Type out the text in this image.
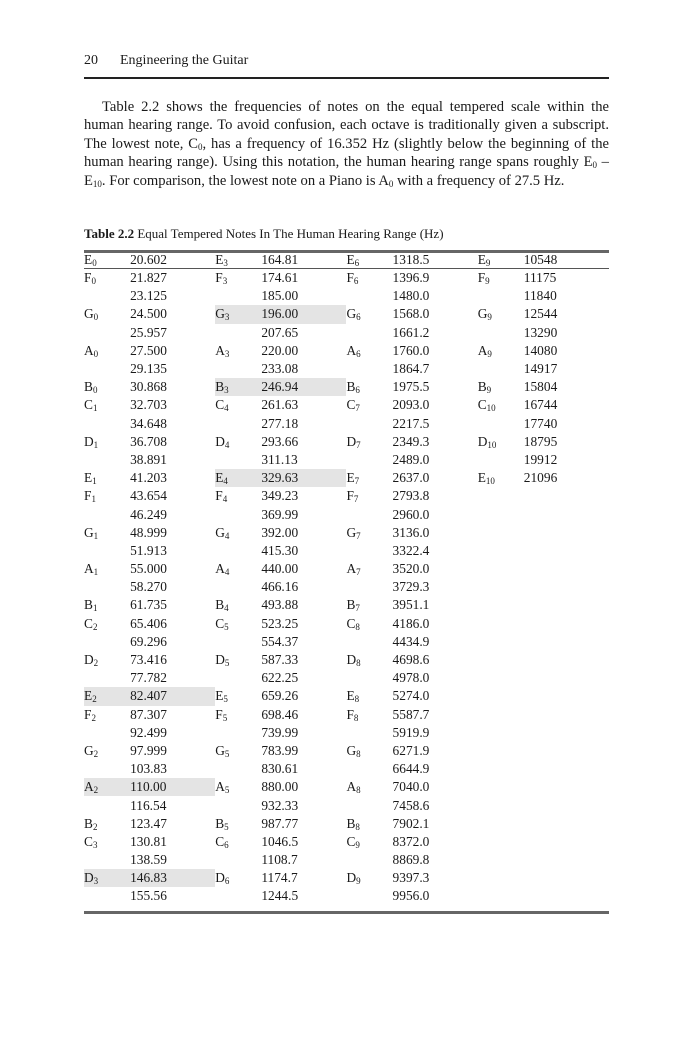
20 Engineering the Guitar
Table 2.2 shows the frequencies of notes on the equal tempered scale within the human hearing range. To avoid confusion, each octave is traditionally given a subscript. The lowest note, $C_0$, has a frequency of 16.352 Hz (slightly below the beginning of the human hearing range). Using this notation, the human hearing range spans roughly $E_0 - E_{10}$. For comparison, the lowest note on a Piano is $A_0$ with a frequency of 27.5 Hz.
Table 2.2 Equal Tempered Notes In The Human Hearing Range (Hz)
$E_0$	20.602	$E_3$	164.81	$E_6$	1318.5	$E_9$	10548
$F_0$	21.827	$F_3$	174.61	$F_6$	1396.9	$F_9$	11175
	23.125		185.00		1480.0		11840
$G_0$	24.500	$G_3$	196.00	$G_6$	1568.0	$G_9$	12544
	25.957		207.65		1661.2		13290
$A_0$	27.500	$A_3$	220.00	$A_6$	1760.0	$A_9$	14080
	29.135		233.08		1864.7		14917
$B_0$	30.868	$B_3$	246.94	$B_6$	1975.5	$B_9$	15804
$C_1$	32.703	$C_4$	261.63	$C_7$	2093.0	$C_{10}$	16744
	34.648		277.18		2217.5		17740
$D_1$	36.708	$D_4$	293.66	$D_7$	2349.3	$D_{10}$	18795
	38.891		311.13		2489.0		19912
$E_1$	41.203	$E_4$	329.63	$E_7$	2637.0	$E_{10}$	21096
$F_1$	43.654	$F_4$	349.23	$F_7$	2793.8		
	46.249		369.99		2960.0		
$G_1$	48.999	$G_4$	392.00	$G_7$	3136.0		
	51.913		415.30		3322.4		
$A_1$	55.000	$A_4$	440.00	$A_7$	3520.0		
	58.270		466.16		3729.3		
$B_1$	61.735	$B_4$	493.88	$B_7$	3951.1		
$C_2$	65.406	$C_5$	523.25	$C_8$	4186.0		
	69.296		554.37		4434.9		
$D_2$	73.416	$D_5$	587.33	$D_8$	4698.6		
	77.782		622.25		4978.0		
$E_2$	82.407	$E_5$	659.26	$E_8$	5274.0		
$F_2$	87.307	$F_5$	698.46	$F_8$	5587.7		
	92.499		739.99		5919.9		
$G_2$	97.999	$G_5$	783.99	$G_8$	6271.9		
	103.83		830.61		6644.9		
$A_2$	110.00	$A_5$	880.00	$A_8$	7040.0		
	116.54		932.33		7458.6		
$B_2$	123.47	$B_5$	987.77	$B_8$	7902.1		
$C_3$	130.81	$C_6$	1046.5	$C_9$	8372.0		
	138.59		1108.7		8869.8		
$D_3$	146.83	$D_6$	1174.7	$D_9$	9397.3		
	155.56		1244.5		9956.0		
